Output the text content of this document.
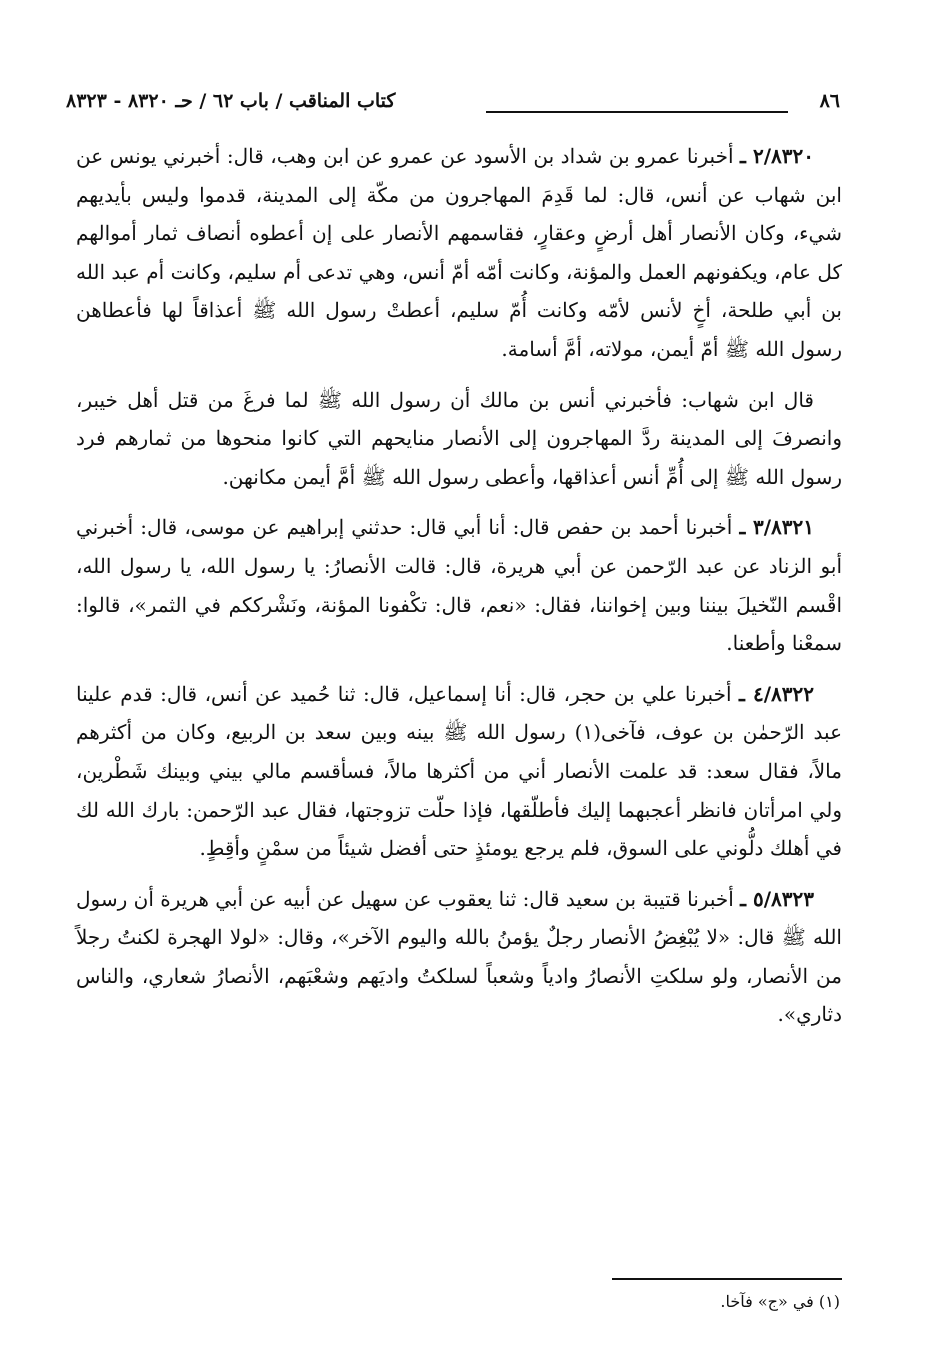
٨٦
كتاب المناقب / باب ٦٢ / حـ ٨٣٢٠ - ٨٣٢٣

٢/٨٣٢٠ ـ أخبرنا عمرو بن شداد بن الأسود عن عمرو عن ابن وهب، قال: أخبرني يونس عن ابن شهاب عن أنس، قال: لما قَدِمَ المهاجرون من مكّة إلى المدينة، قدموا وليس بأيديهم شيء، وكان الأنصار أهل أرضٍ وعقارٍ، فقاسمهم الأنصار على إن أعطوه أنصاف ثمار أموالهم كل عام، ويكفونهم العمل والمؤنة، وكانت أمّه أمّ أنس، وهي تدعى أم سليم، وكانت أم عبد الله بن أبي طلحة، أخٍ لأنس لأمّه وكانت أُمّ سليم، أعطتْ رسول الله ﷺ أعذاقاً لها فأعطاهن رسول الله ﷺ أمّ أيمن، مولاته، أمَّ أسامة.

قال ابن شهاب: فأخبرني أنس بن مالك أن رسول الله ﷺ لما فرغَ من قتل أهل خيبر، وانصرفَ إلى المدينة ردَّ المهاجرون إلى الأنصار منايحهم التي كانوا منحوها من ثمارهم فرد رسول الله ﷺ إلى أُمِّ أنس أعذاقها، وأعطى رسول الله ﷺ أمَّ أيمن مكانهن.

٣/٨٣٢١ ـ أخبرنا أحمد بن حفص قال: أنا أبي قال: حدثني إبراهيم عن موسى، قال: أخبرني أبو الزناد عن عبد الرّحمن عن أبي هريرة، قال: قالت الأنصارُ: يا رسول الله، يا رسول الله، اقْسم النّخيلَ بيننا وبين إخواننا، فقال: «نعم، قال: تكْفونا المؤنة، ونَشْرككم في الثمر»، قالوا: سمعْنا وأطعنا.

٤/٨٣٢٢ ـ أخبرنا علي بن حجر، قال: أنا إسماعيل، قال: ثنا حُميد عن أنس، قال: قدم علينا عبد الرّحمٰن بن عوف، فآخى(١) رسول الله ﷺ بينه وبين سعد بن الربيع، وكان من أكثرهم مالاً، فقال سعد: قد علمت الأنصار أني من أكثرها مالاً، فسأقسم مالي بيني وبينك شَطْرين، ولي امرأتان فانظر أعجبهما إليك فأطلّقها، فإذا حلّت تزوجتها، فقال عبد الرّحمن: بارك الله لك في أهلك دلُّوني على السوق، فلم يرجع يومئذٍ حتى أفضل شيئاً من سمْنٍ وأقِطٍ.

٥/٨٣٢٣ ـ أخبرنا قتيبة بن سعيد قال: ثنا يعقوب عن سهيل عن أبيه عن أبي هريرة أن رسول الله ﷺ قال: «لا يُبْغِضُ الأنصار رجلٌ يؤمنُ بالله واليوم الآخر»، وقال: «لولا الهجرة لكنتُ رجلاً من الأنصار، ولو سلكتِ الأنصارُ وادياً وشعباً لسلكتُ واديَهم وشعْبَهم، الأنصارُ شعاري، والناس دثاري».

(١) في «ج» فآخا.
